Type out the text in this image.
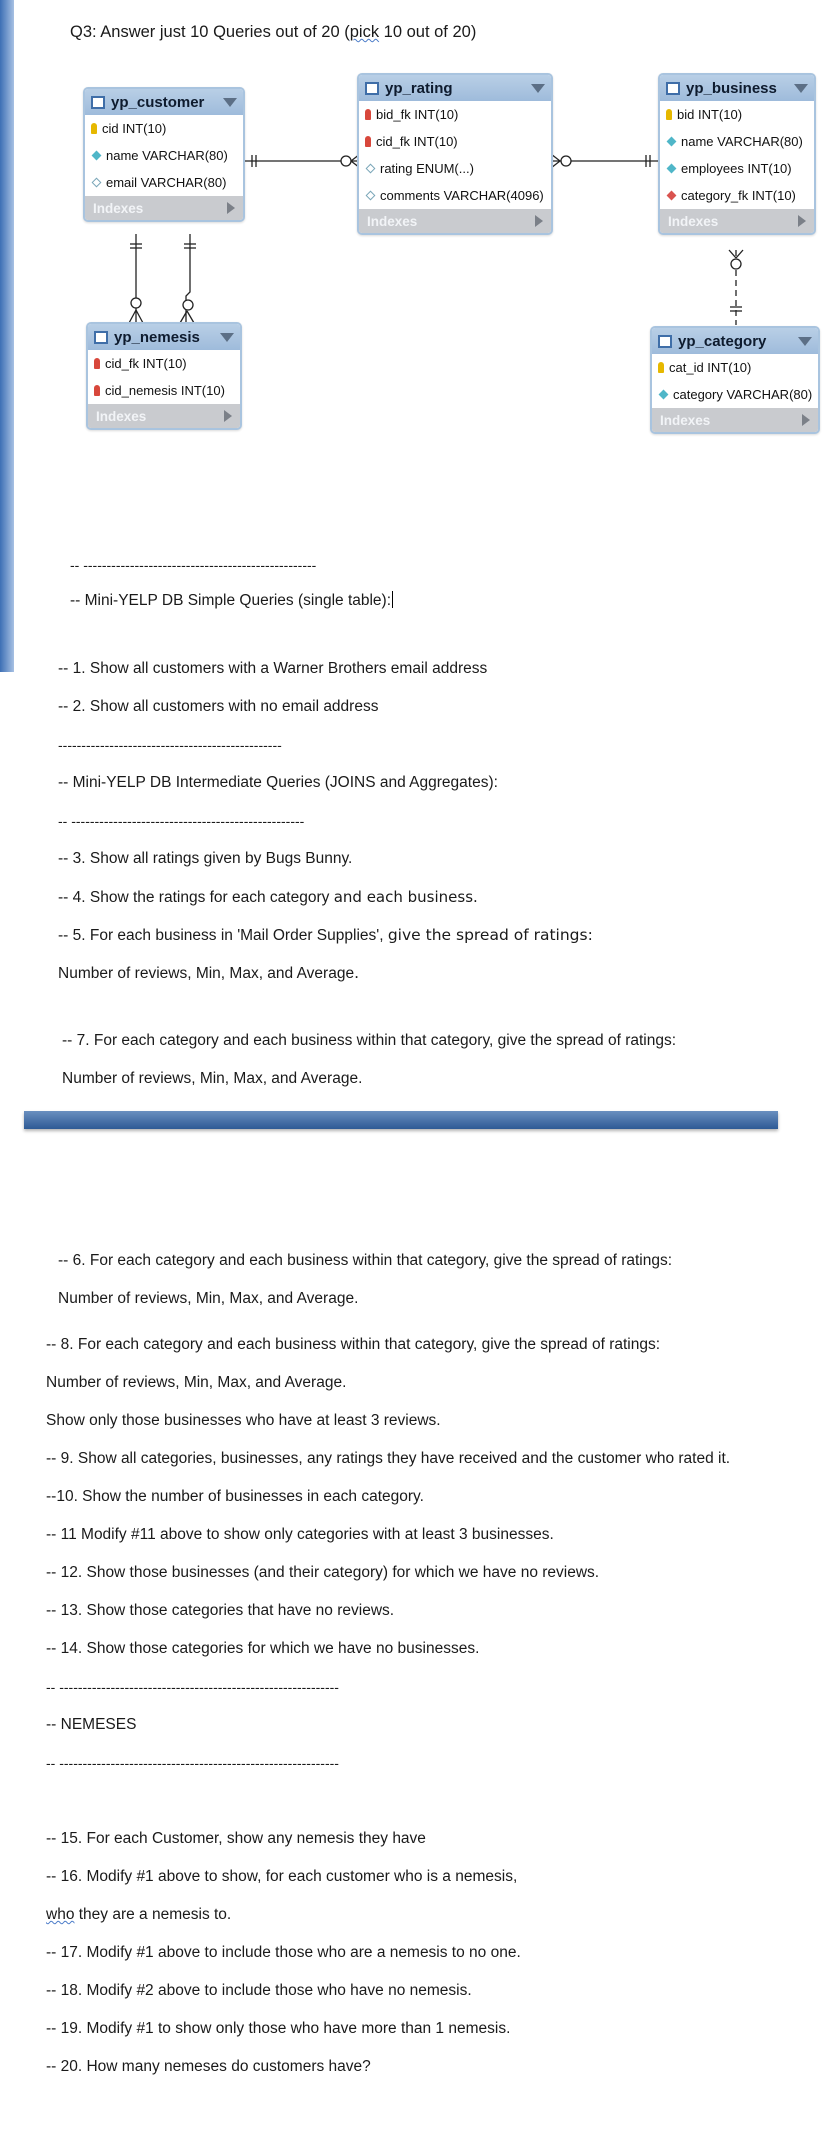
Q3: Answer just 10 Queries out of 20 (pick 10 out of 20)
yp_customer
cid INT(10)
name VARCHAR(80)
email VARCHAR(80)
Indexes
yp_rating
bid_fk INT(10)
cid_fk INT(10)
rating ENUM(...)
comments VARCHAR(4096)
Indexes
yp_business
bid INT(10)
name VARCHAR(80)
employees INT(10)
category_fk INT(10)
Indexes
yp_nemesis
cid_fk INT(10)
cid_nemesis INT(10)
Indexes
yp_category
cat_id INT(10)
category VARCHAR(80)
Indexes
-- --------------------------------------------------
-- Mini-YELP DB Simple Queries (single table):
-- 1. Show all customers with a Warner Brothers email address
-- 2. Show all customers with no email address
------------------------------------------------
-- Mini-YELP DB Intermediate Queries (JOINS and Aggregates):
-- --------------------------------------------------
-- 3. Show all ratings given by Bugs Bunny.
-- 4. Show the ratings for each category and each business.
-- 5. For each business in 'Mail Order Supplies', give the spread of ratings:
Number of reviews, Min, Max, and Average.
-- 7. For each category and each business within that category, give the spread of ratings:
Number of reviews, Min, Max, and Average.
-- 6. For each category and each business within that category, give the spread of ratings:
Number of reviews, Min, Max, and Average.
-- 8. For each category and each business within that category, give the spread of ratings:
Number of reviews, Min, Max, and Average.
Show only those businesses who have at least 3 reviews.
-- 9. Show all categories, businesses, any ratings they have received and the customer who rated it.
--10. Show the number of businesses in each category.
-- 11 Modify #11 above to show only categories with at least 3 businesses.
-- 12. Show those businesses (and their category) for which we have no reviews.
-- 13. Show those categories that have no reviews.
-- 14. Show those categories for which we have no businesses.
-- ------------------------------------------------------------
-- NEMESES
-- ------------------------------------------------------------
-- 15. For each Customer, show any nemesis they have
-- 16. Modify #1 above to show, for each customer who is a nemesis,
who they are a nemesis to.
-- 17. Modify #1 above to include those who are a nemesis to no one.
-- 18. Modify #2 above to include those who have no nemesis.
-- 19. Modify #1 to show only those who have more than 1 nemesis.
-- 20. How many nemeses do customers have?
